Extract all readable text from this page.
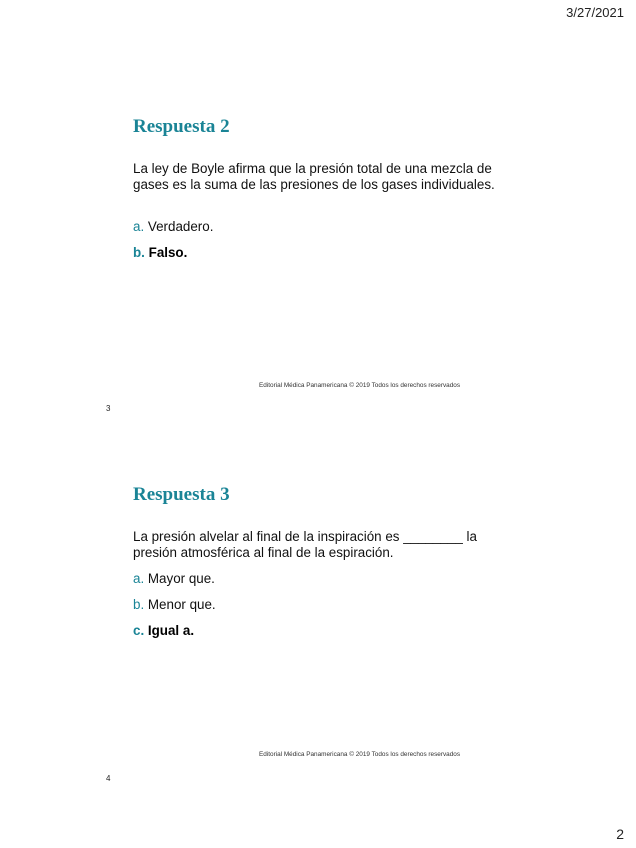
3/27/2021
Respuesta 2

La ley de Boyle afirma que la presión total de una mezcla de gases es la suma de las presiones de los gases individuales.

a. Verdadero.
b. Falso.
Editorial Médica Panamericana © 2019 Todos los derechos reservados
3
Respuesta 3

La presión alvelar al final de la inspiración es ________ la presión atmosférica al final de la espiración.

a. Mayor que.
b. Menor que.
c. Igual a.
Editorial Médica Panamericana © 2019 Todos los derechos reservados
4
2
